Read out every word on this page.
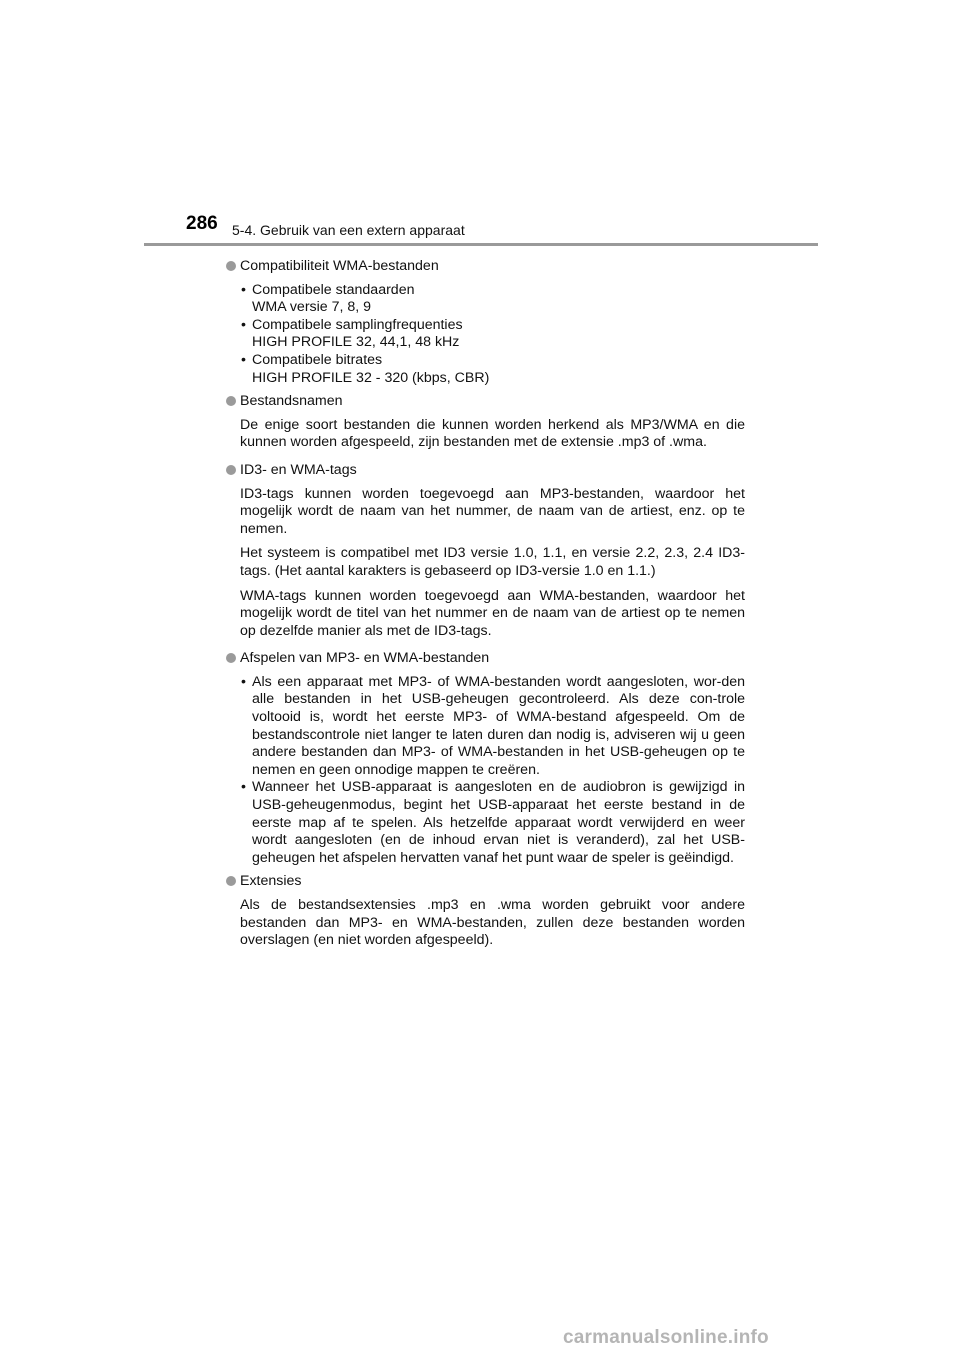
286 5-4. Gebruik van een extern apparaat
Compatibiliteit WMA-bestanden
• Compatibele standaarden
WMA versie 7, 8, 9
• Compatibele samplingfrequenties
HIGH PROFILE 32, 44,1, 48 kHz
• Compatibele bitrates
HIGH PROFILE 32 - 320 (kbps, CBR)
Bestandsnamen
De enige soort bestanden die kunnen worden herkend als MP3/WMA en die kunnen worden afgespeeld, zijn bestanden met de extensie .mp3 of .wma.
ID3- en WMA-tags
ID3-tags kunnen worden toegevoegd aan MP3-bestanden, waardoor het mogelijk wordt de naam van het nummer, de naam van de artiest, enz. op te nemen.
Het systeem is compatibel met ID3 versie 1.0, 1.1, en versie 2.2, 2.3, 2.4 ID3-tags. (Het aantal karakters is gebaseerd op ID3-versie 1.0 en 1.1.)
WMA-tags kunnen worden toegevoegd aan WMA-bestanden, waardoor het mogelijk wordt de titel van het nummer en de naam van de artiest op te nemen op dezelfde manier als met de ID3-tags.
Afspelen van MP3- en WMA-bestanden
• Als een apparaat met MP3- of WMA-bestanden wordt aangesloten, wor-den alle bestanden in het USB-geheugen gecontroleerd. Als deze con-trole voltooid is, wordt het eerste MP3- of WMA-bestand afgespeeld. Om de bestandscontrole niet langer te laten duren dan nodig is, adviseren wij u geen andere bestanden dan MP3- of WMA-bestanden in het USB-geheugen op te nemen en geen onnodige mappen te creëren.
• Wanneer het USB-apparaat is aangesloten en de audiobron is gewijzigd in USB-geheugenmodus, begint het USB-apparaat het eerste bestand in de eerste map af te spelen. Als hetzelfde apparaat wordt verwijderd en weer wordt aangesloten (en de inhoud ervan niet is veranderd), zal het USB-geheugen het afspelen hervatten vanaf het punt waar de speler is geëindigd.
Extensies
Als de bestandsextensies .mp3 en .wma worden gebruikt voor andere bestanden dan MP3- en WMA-bestanden, zullen deze bestanden worden overslagen (en niet worden afgespeeld).
carmanualsonline.info
